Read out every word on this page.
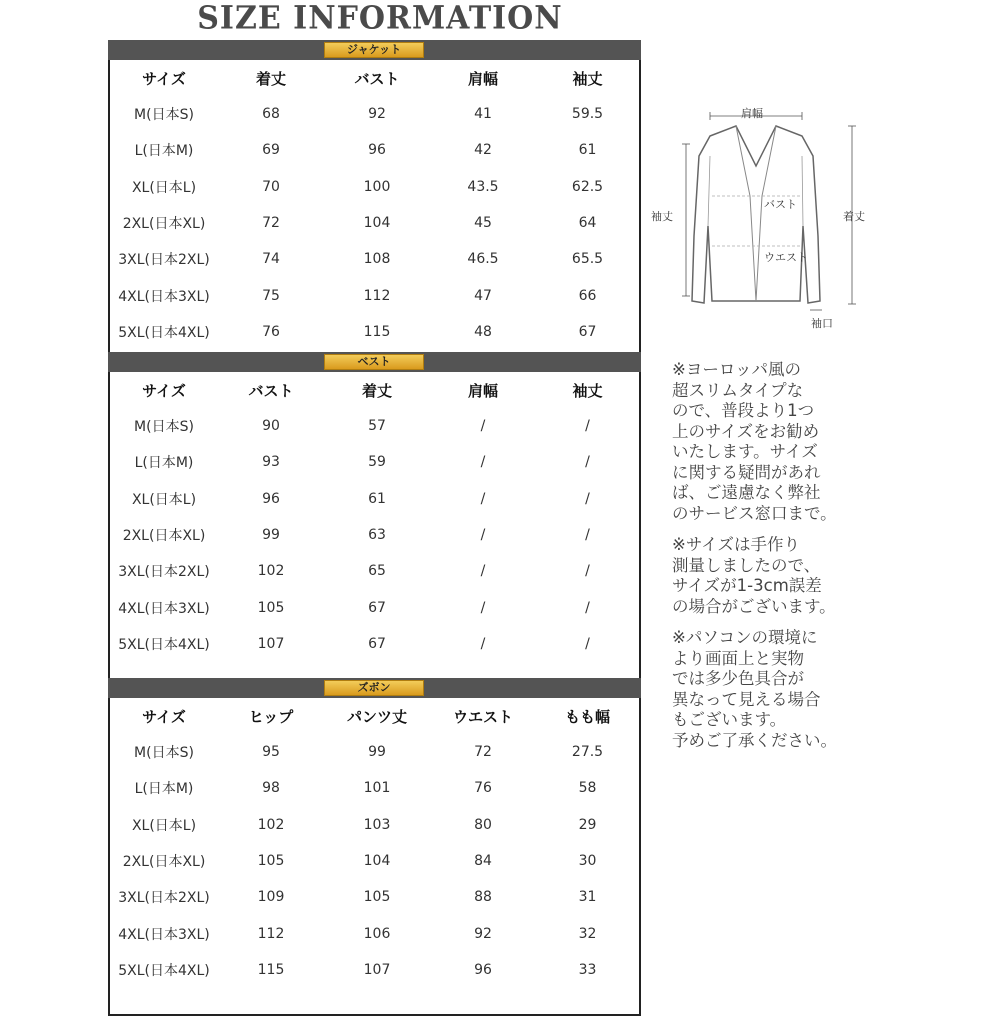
SIZE INFORMATION
ジャケット
サイズ	着丈	バスト	肩幅	袖丈
M(日本S)	68	92	41	59.5
L(日本M)	69	96	42	61
XL(日本L)	70	100	43.5	62.5
2XL(日本XL)	72	104	45	64
3XL(日本2XL)	74	108	46.5	65.5
4XL(日本3XL)	75	112	47	66
5XL(日本4XL)	76	115	48	67
ベスト
サイズ	バスト	着丈	肩幅	袖丈
M(日本S)	90	57	/	/
L(日本M)	93	59	/	/
XL(日本L)	96	61	/	/
2XL(日本XL)	99	63	/	/
3XL(日本2XL)	102	65	/	/
4XL(日本3XL)	105	67	/	/
5XL(日本4XL)	107	67	/	/
ズボン
サイズ	ヒップ	パンツ丈	ウエスト	もも幅
M(日本S)	95	99	72	27.5
L(日本M)	98	101	76	58
XL(日本L)	102	103	80	29
2XL(日本XL)	105	104	84	30
3XL(日本2XL)	109	105	88	31
4XL(日本3XL)	112	106	92	32
5XL(日本4XL)	115	107	96	33
肩幅
袖丈
バスト
着丈
ウエスト
袖口

※ヨーロッパ風の
超スリムタイプな
ので、普段より1つ
上のサイズをお勧め
いたします。サイズ
に関する疑問があれ
ば、ご遠慮なく弊社
のサービス窓口まで。

※サイズは手作り
測量しましたので、
サイズが1-3cm誤差
の場合がございます。

※パソコンの環境に
より画面上と実物
では多少色具合が
異なって見える場合
もございます。
予めご了承ください。
